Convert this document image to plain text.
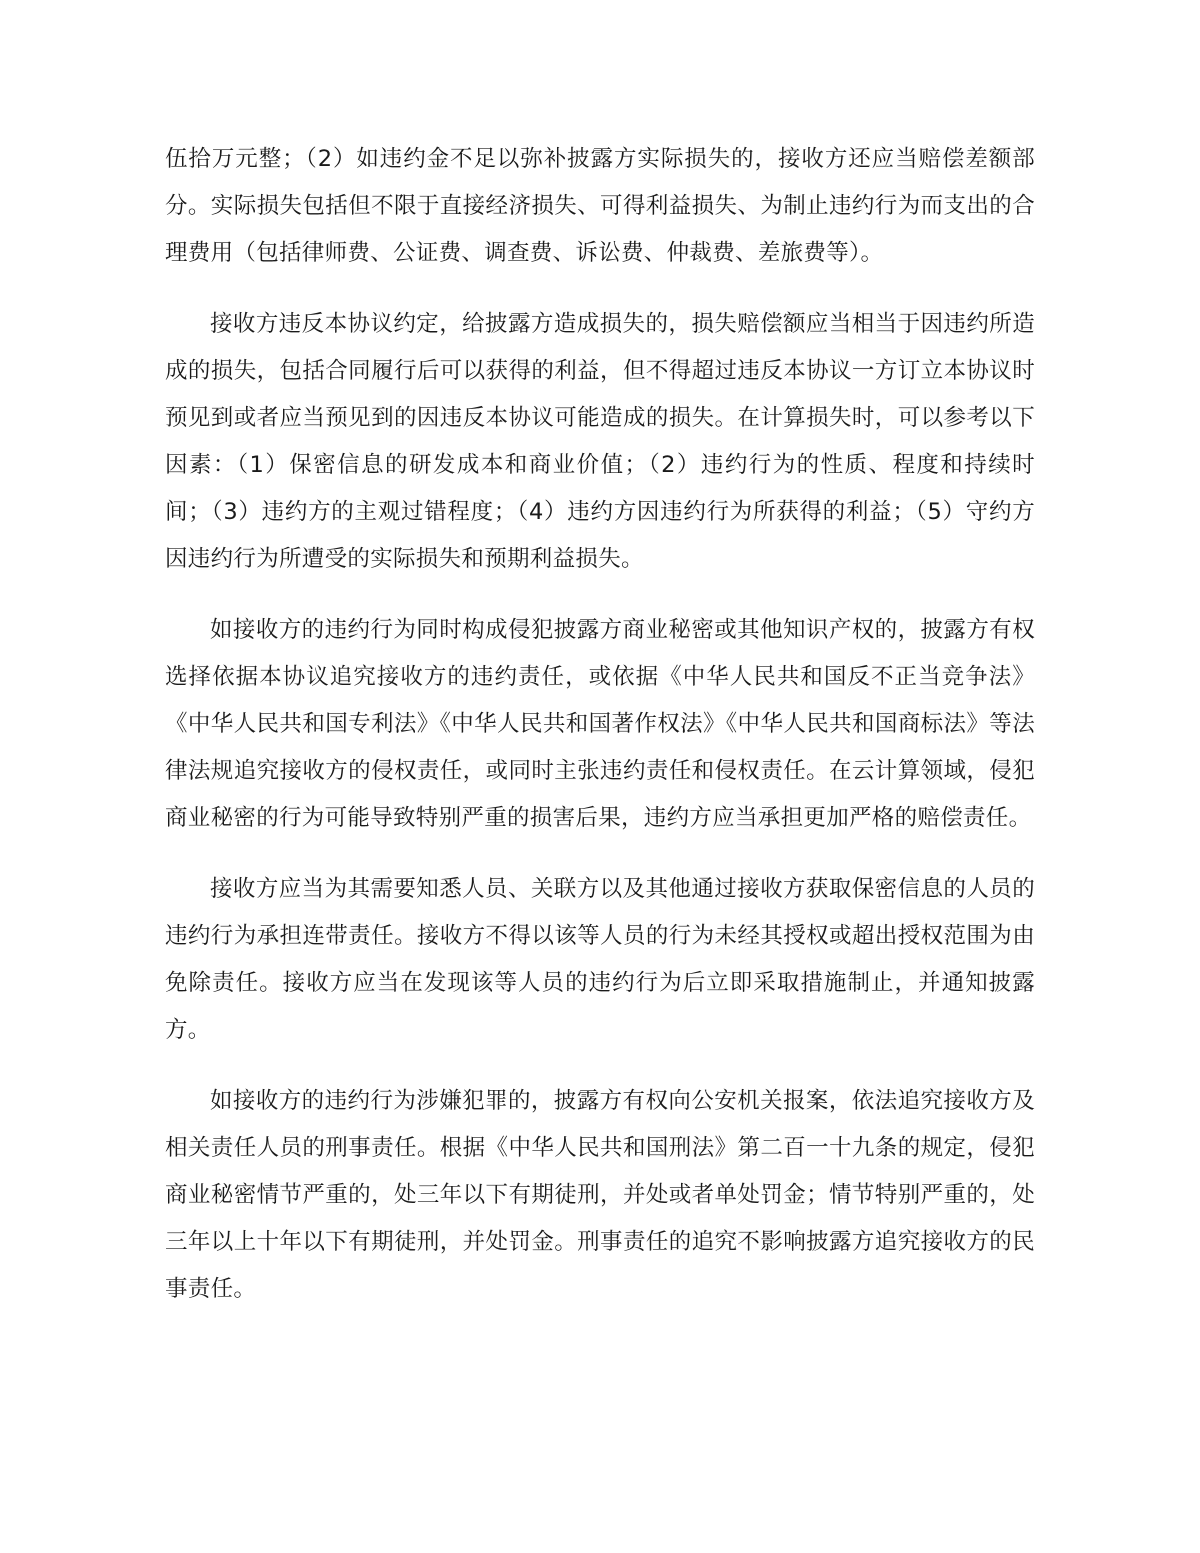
伍拾万元整；（2）如违约金不足以弥补披露方实际损失的，接收方还应当赔偿差额部分。实际损失包括但不限于直接经济损失、可得利益损失、为制止违约行为而支出的合理费用（包括律师费、公证费、调查费、诉讼费、仲裁费、差旅费等）。

接收方违反本协议约定，给披露方造成损失的，损失赔偿额应当相当于因违约所造成的损失，包括合同履行后可以获得的利益，但不得超过违反本协议一方订立本协议时预见到或者应当预见到的因违反本协议可能造成的损失。在计算损失时，可以参考以下因素：（1）保密信息的研发成本和商业价值；（2）违约行为的性质、程度和持续时间；（3）违约方的主观过错程度；（4）违约方因违约行为所获得的利益；（5）守约方因违约行为所遭受的实际损失和预期利益损失。

如接收方的违约行为同时构成侵犯披露方商业秘密或其他知识产权的，披露方有权选择依据本协议追究接收方的违约责任，或依据《中华人民共和国反不正当竞争法》《中华人民共和国专利法》《中华人民共和国著作权法》《中华人民共和国商标法》等法律法规追究接收方的侵权责任，或同时主张违约责任和侵权责任。在云计算领域，侵犯商业秘密的行为可能导致特别严重的损害后果，违约方应当承担更加严格的赔偿责任。

接收方应当为其需要知悉人员、关联方以及其他通过接收方获取保密信息的人员的违约行为承担连带责任。接收方不得以该等人员的行为未经其授权或超出授权范围为由免除责任。接收方应当在发现该等人员的违约行为后立即采取措施制止，并通知披露方。

如接收方的违约行为涉嫌犯罪的，披露方有权向公安机关报案，依法追究接收方及相关责任人员的刑事责任。根据《中华人民共和国刑法》第二百一十九条的规定，侵犯商业秘密情节严重的，处三年以下有期徒刑，并处或者单处罚金；情节特别严重的，处三年以上十年以下有期徒刑，并处罚金。刑事责任的追究不影响披露方追究接收方的民事责任。
